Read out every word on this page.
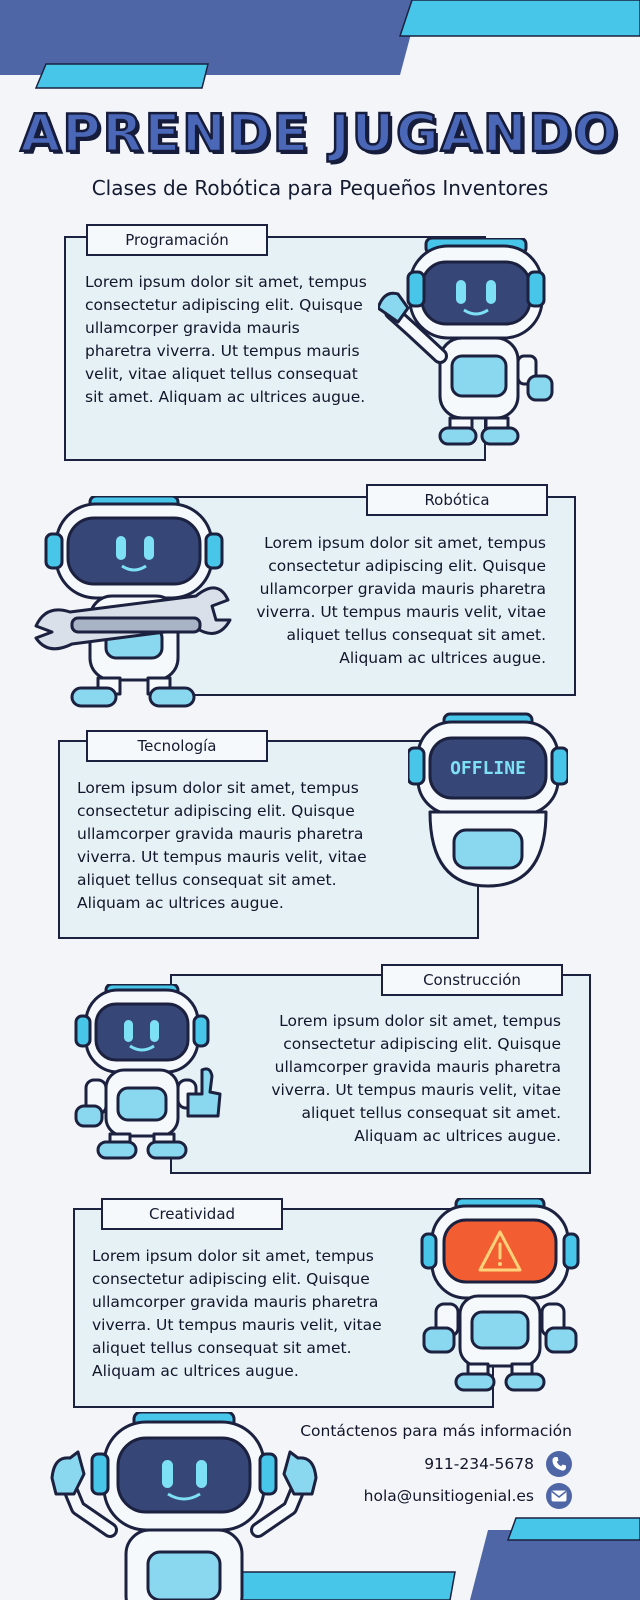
APRENDE JUGANDO
Clases de Robótica para Pequeños Inventores
Programación
Lorem ipsum dolor sit amet, tempus consectetur adipiscing elit. Quisque ullamcorper gravida mauris pharetra viverra. Ut tempus mauris velit, vitae aliquet tellus consequat sit amet. Aliquam ac ultrices augue.
Robótica
Lorem ipsum dolor sit amet, tempus consectetur adipiscing elit. Quisque ullamcorper gravida mauris pharetra viverra. Ut tempus mauris velit, vitae aliquet tellus consequat sit amet. Aliquam ac ultrices augue.
Tecnología
Lorem ipsum dolor sit amet, tempus consectetur adipiscing elit. Quisque ullamcorper gravida mauris pharetra viverra. Ut tempus mauris velit, vitae aliquet tellus consequat sit amet. Aliquam ac ultrices augue.
Construcción
Lorem ipsum dolor sit amet, tempus consectetur adipiscing elit. Quisque ullamcorper gravida mauris pharetra viverra. Ut tempus mauris velit, vitae aliquet tellus consequat sit amet. Aliquam ac ultrices augue.
Creatividad
Lorem ipsum dolor sit amet, tempus consectetur adipiscing elit. Quisque ullamcorper gravida mauris pharetra viverra. Ut tempus mauris velit, vitae aliquet tellus consequat sit amet. Aliquam ac ultrices augue.
OFFLINE
Contáctenos para más información
911-234-5678
hola@unsitiogenial.es
